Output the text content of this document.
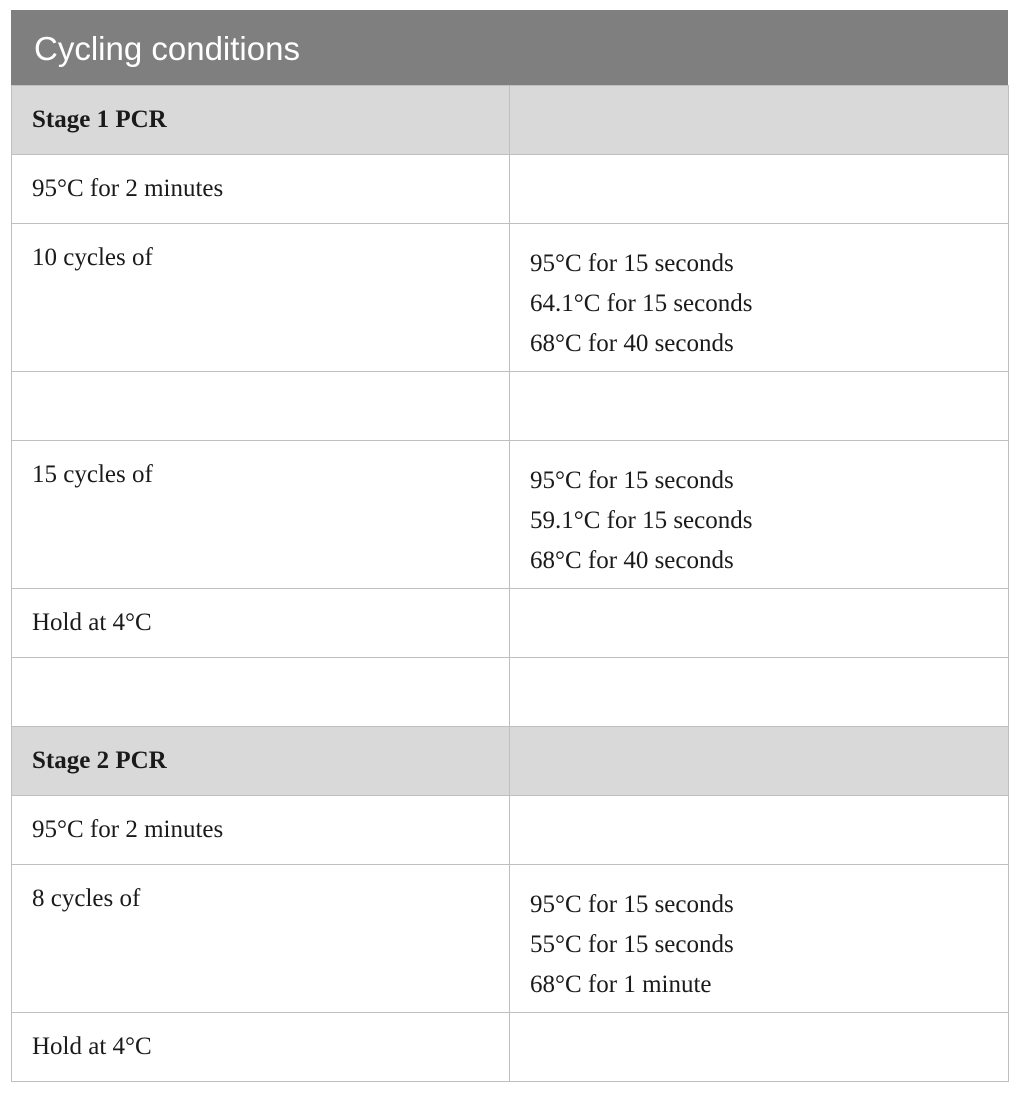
Cycling conditions
Stage 1 PCR	
95°C for 2 minutes	
10 cycles of	95°C for 15 seconds
64.1°C for 15 seconds
68°C for 40 seconds

15 cycles of	95°C for 15 seconds
59.1°C for 15 seconds
68°C for 40 seconds

Hold at 4°C	

Stage 2 PCR	
95°C for 2 minutes	
8 cycles of	95°C for 15 seconds
55°C for 15 seconds
68°C for 1 minute

Hold at 4°C	
